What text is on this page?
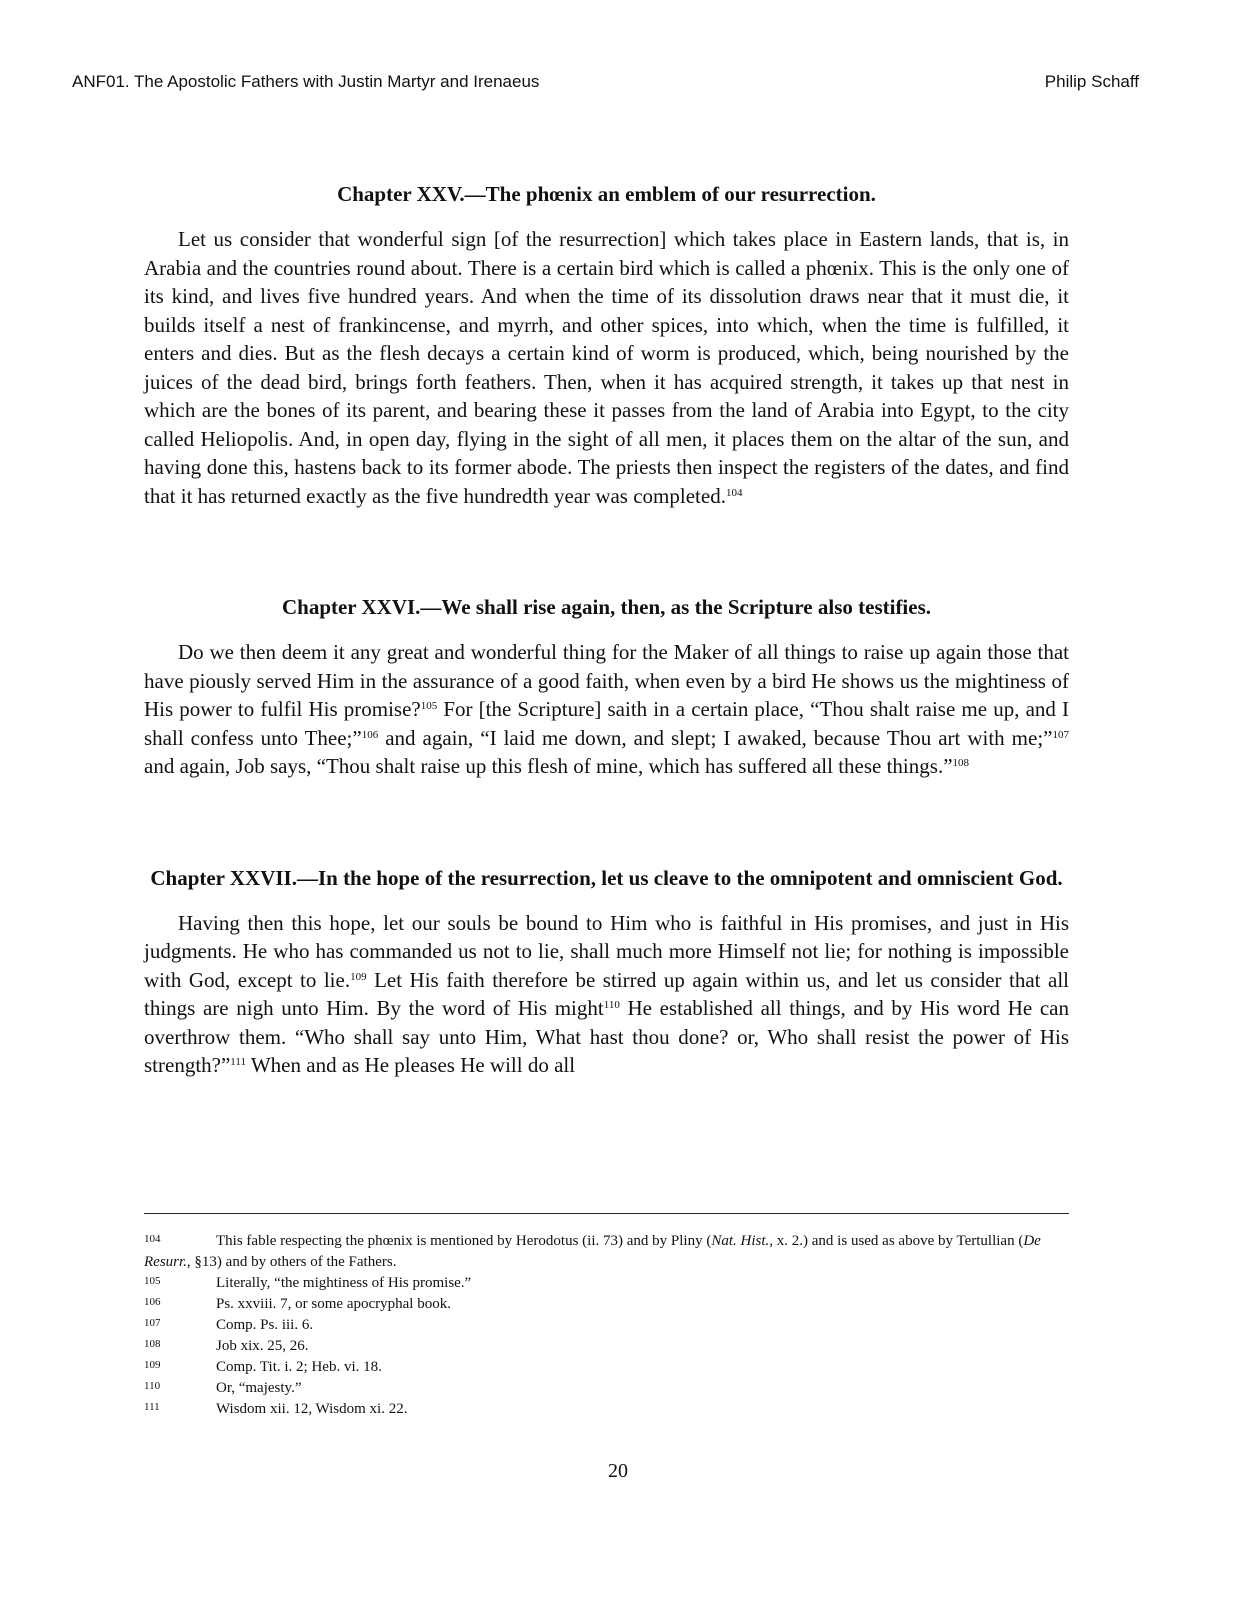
ANF01. The Apostolic Fathers with Justin Martyr and Irenaeus	Philip Schaff
Chapter XXV.—The phœnix an emblem of our resurrection.

Let us consider that wonderful sign [of the resurrection] which takes place in Eastern lands, that is, in Arabia and the countries round about. There is a certain bird which is called a phœnix. This is the only one of its kind, and lives five hundred years. And when the time of its dissolution draws near that it must die, it builds itself a nest of frankincense, and myrrh, and other spices, into which, when the time is fulfilled, it enters and dies. But as the flesh decays a certain kind of worm is produced, which, being nourished by the juices of the dead bird, brings forth feathers. Then, when it has acquired strength, it takes up that nest in which are the bones of its parent, and bearing these it passes from the land of Arabia into Egypt, to the city called Heliopolis. And, in open day, flying in the sight of all men, it places them on the altar of the sun, and having done this, hastens back to its former abode. The priests then inspect the registers of the dates, and find that it has returned exactly as the five hundredth year was completed.$^{104}$

Chapter XXVI.—We shall rise again, then, as the Scripture also testifies.

Do we then deem it any great and wonderful thing for the Maker of all things to raise up again those that have piously served Him in the assurance of a good faith, when even by a bird He shows us the mightiness of His power to fulfil His promise?$^{105}$ For [the Scripture] saith in a certain place, “Thou shalt raise me up, and I shall confess unto Thee;”$^{106}$ and again, “I laid me down, and slept; I awaked, because Thou art with me;”$^{107}$ and again, Job says, “Thou shalt raise up this flesh of mine, which has suffered all these things.”$^{108}$

Chapter XXVII.—In the hope of the resurrection, let us cleave to the omnipotent and omniscient God.

Having then this hope, let our souls be bound to Him who is faithful in His promises, and just in His judgments. He who has commanded us not to lie, shall much more Himself not lie; for nothing is impossible with God, except to lie.$^{109}$ Let His faith therefore be stirred up again within us, and let us consider that all things are nigh unto Him. By the word of His might$^{110}$ He established all things, and by His word He can overthrow them. “Who shall say unto Him, What hast thou done? or, Who shall resist the power of His strength?”$^{111}$ When and as He pleases He will do all

104	This fable respecting the phœnix is mentioned by Herodotus (ii. 73) and by Pliny (Nat. Hist., x. 2.) and is used as above by Tertullian (De Resurr., §13) and by others of the Fathers.
105	Literally, “the mightiness of His promise.”
106	Ps. xxviii. 7, or some apocryphal book.
107	Comp. Ps. iii. 6.
108	Job xix. 25, 26.
109	Comp. Tit. i. 2; Heb. vi. 18.
110	Or, “majesty.”
111	Wisdom xii. 12, Wisdom xi. 22.
20
